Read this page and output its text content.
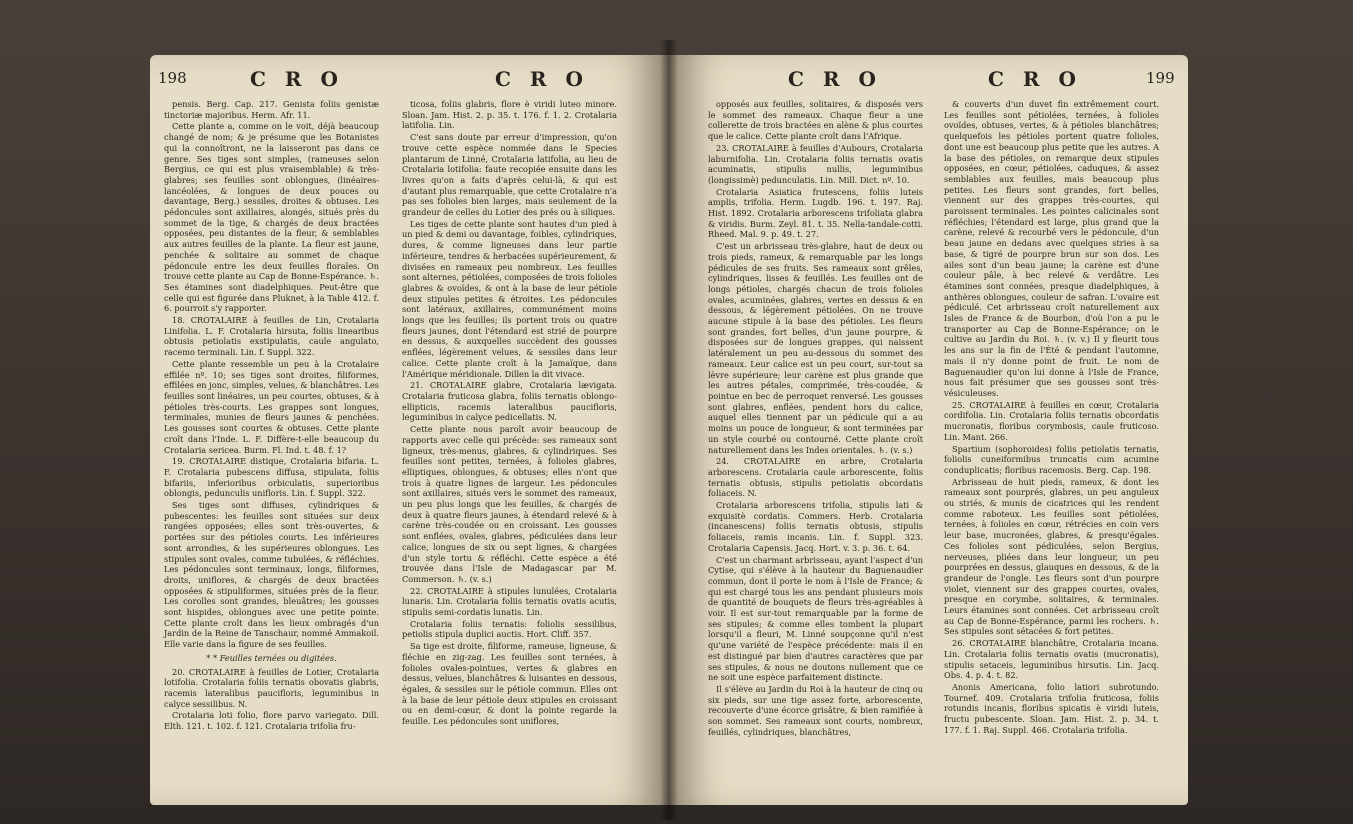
198	C R O	C R O

pensis. Berg. Cap. 217. Genista foliis genistæ tinctoriæ majoribus. Herm. Afr. 11.

Cette plante a, comme on le voit, déjà beaucoup changé de nom; & je présume que les Botanistes qui la connoîtront, ne la laisseront pas dans ce genre. Ses tiges sont simples, (rameuses selon Bergius, ce qui est plus vraisemblable) & très-glabres; ses feuilles sont oblongues, (linéaires-lancéolées, & longues de deux pouces ou davantage, Berg.) sessiles, droites & obtuses. Les pédoncules sont axillaires, alongés, situés près du sommet de la tige, & chargés de deux bractées opposées, peu distantes de la fleur, & semblables aux autres feuilles de la plante. La fleur est jaune, penchée & solitaire au sommet de chaque pédoncule entre les deux feuilles florales. On trouve cette plante au Cap de Bonne-Espérance. ♄. Ses étamines sont diadelphiques. Peut-être que celle qui est figurée dans Pluknet, à la Table 412. f. 6. pourroit s'y rapporter.

18. CROTALAIRE à feuilles de Lin, Crotalaria Linifolia. L. F. Crotalaria hirsuta, foliis linearibus obtusis petiolatis exstipulatis, caule angulato, racemo terminali. Lin. f. Suppl. 322.

Cette plante ressemble un peu à la Crotalaire effilée nº. 10; ses tiges sont droites, filiformes, effilées en jonc, simples, velues, & blanchâtres. Les feuilles sont linéaires, un peu courtes, obtuses, & à pétioles très-courts. Les grappes sont longues, terminales, munies de fleurs jaunes & penchées. Les gousses sont courtes & obtuses. Cette plante croît dans l'Inde. L. F. Diffère-t-elle beaucoup du Crotalaria sericea. Burm. Fl. Ind. t. 48. f. 1?

19. CROTALAIRE distique, Crotalaria bifaria. L. F. Crotalaria pubescens diffusa, stipulata, foliis bifariis, inferioribus orbiculatis, superioribus oblongis, pedunculis unifloris. Lin. f. Suppl. 322.

Ses tiges sont diffuses, cylindriques & pubescentes: les feuilles sont situées sur deux rangées opposées; elles sont très-ouvertes, & portées sur des pétioles courts. Les inférieures sont arrondies, & les supérieures oblongues. Les stipules sont ovales, comme tubulées, & réfléchies. Les pédoncules sont terminaux, longs, filiformes, droits, uniflores, & chargés de deux bractées opposées & stipuliformes, situées près de la fleur. Les corolles sont grandes, bleuâtres; les gousses sont hispides, oblongues avec une petite pointe. Cette plante croît dans les lieux ombragés d'un Jardin de la Reine de Tanschaur, nommé Ammakoil. Elle varie dans la figure de ses feuilles.

* * Feuilles ternées ou digitées.

20. CROTALAIRE à feuilles de Lotier, Crotalaria lotifolia. Crotalaria foliis ternatis obovatis glabris, racemis lateralibus paucifloris, leguminibus in calyce sessilibus. N.

Crotalaria loti folio, flore parvo variegato. Dill. Elth. 121. t. 102. f. 121. Crotalaria trifolia fru-

ticosa, foliis glabris, flore è viridi luteo minore. Sloan. Jam. Hist. 2. p. 35. t. 176. f. 1. 2. Crotalaria latifolia. Lin.

C'est sans doute par erreur d'impression, qu'on trouve cette espèce nommée dans le Species plantarum de Linné, Crotalaria latifolia, au lieu de Crotalaria lotifolia: faute recopiée ensuite dans les livres qu'on a faits d'après celui-là, & qui est d'autant plus remarquable, que cette Crotalaire n'a pas ses folioles bien larges, mais seulement de la grandeur de celles du Lotier des prés ou à siliques.

Les tiges de cette plante sont hautes d'un pied à un pied & demi ou davantage, foibles, cylindriques, dures, & comme ligneuses dans leur partie inférieure, tendres & herbacées supérieurement, & divisées en rameaux peu nombreux. Les feuilles sont alternes, pétiolées, composées de trois folioles glabres & ovoïdes, & ont à la base de leur pétiole deux stipules petites & étroites. Les pédoncules sont latéraux, axillaires, communément moins longs que les feuilles; ils portent trois ou quatre fleurs jaunes, dont l'étendard est strié de pourpre en dessus, & auxquelles succèdent des gousses enflées, légèrement velues, & sessiles dans leur calice. Cette plante croît à la Jamaïque, dans l'Amérique méridionale. Dillen la dit vivace.

21. CROTALAIRE glabre, Crotalaria lævigata. Crotalaria fruticosa glabra, foliis ternatis oblongo-ellipticis, racemis lateralibus paucifloris, leguminibus in calyce pedicellatis. N.

Cette plante nous paroît avoir beaucoup de rapports avec celle qui précède: ses rameaux sont ligneux, très-menus, glabres, & cylindriques. Ses feuilles sont petites, ternées, à folioles glabres, elliptiques, oblongues, & obtuses; elles n'ont que trois à quatre lignes de largeur. Les pédoncules sont axillaires, situés vers le sommet des rameaux, un peu plus longs que les feuilles, & chargés de deux à quatre fleurs jaunes, à étendard relevé & à carène très-coudée ou en croissant. Les gousses sont enflées, ovales, glabres, pédiculées dans leur calice, longues de six ou sept lignes, & chargées d'un style tortu & réfléchi. Cette espèce a été trouvée dans l'Isle de Madagascar par M. Commerson. ♄. (v. s.)

22. CROTALAIRE à stipules lunulées, Crotalaria lunaris. Lin. Crotalaria foliis ternatis ovatis acutis, stipulis semi-cordatis lunatis. Lin.

Crotalaria foliis ternatis: foliolis sessilibus, petiolis stipula duplici auctis. Hort. Cliff. 357.

Sa tige est droite, filiforme, rameuse, ligneuse, & fléchie en zig-zag. Les feuilles sont ternées, à folioles ovales-pointues, vertes & glabres en dessus, velues, blanchâtres & luisantes en dessous, égales, & sessiles sur le pétiole commun. Elles ont à la base de leur pétiole deux stipules en croissant ou en demi-cœur, & dont la pointe regarde la feuille. Les pédoncules sont uniflores,

C R O	C R O	199

opposés aux feuilles, solitaires, & disposés vers le sommet des rameaux. Chaque fleur a une collerette de trois bractées en alène & plus courtes que le calice. Cette plante croît dans l'Afrique.

23. CROTALAIRE à feuilles d'Aubours, Crotalaria laburnifolia. Lin. Crotalaria foliis ternatis ovatis acuminatis, stipulis nullis, leguminibus (longissimè) pedunculatis. Lin. Mill. Dict. nº. 10.

Crotalaria Asiatica frutescens, foliis luteis amplis, trifolia. Herm. Lugdb. 196. t. 197. Raj. Hist. 1892. Crotalaria arborescens trifoliata glabra & viridis. Burm. Zeyl. 81. t. 35. Nella-tandale-cotti. Rheed. Mal. 9. p. 49. t. 27.

C'est un arbrisseau très-glabre, haut de deux ou trois pieds, rameux, & remarquable par les longs pédicules de ses fruits. Ses rameaux sont grêles, cylindriques, lisses & feuillés. Les feuilles ont de longs pétioles, chargés chacun de trois folioles ovales, acuminées, glabres, vertes en dessus & en dessous, & légèrement pétiolées. On ne trouve aucune stipule à la base des pétioles. Les fleurs sont grandes, fort belles, d'un jaune pourpre, & disposées sur de longues grappes, qui naissent latéralement un peu au-dessous du sommet des rameaux. Leur calice est un peu court, sur-tout sa lèvre supérieure; leur carène est plus grande que les autres pétales, comprimée, très-coudée, & pointue en bec de perroquet renversé. Les gousses sont glabres, enflées, pendent hors du calice, auquel elles tiennent par un pédicule qui a au moins un pouce de longueur, & sont terminées par un style courbé ou contourné. Cette plante croît naturellement dans les Indes orientales. ♄. (v. s.)

24. CROTALAIRE en arbre, Crotalaria arborescens. Crotalaria caule arborescente, foliis ternatis obtusis, stipulis petiolatis obcordatis foliaceis. N.

Crotalaria arborescens trifolia, stipulis lati & exquisitè cordatis. Commers. Herb. Crotalaria (incanescens) foliis ternatis obtusis, stipulis foliaceis, ramis incanis. Lin. f. Suppl. 323. Crotalaria Capensis. Jacq. Hort. v. 3. p. 36. t. 64.

C'est un charmant arbrisseau, ayant l'aspect d'un Cytise, qui s'élève à la hauteur du Baguenaudier commun, dont il porte le nom à l'Isle de France; & qui est chargé tous les ans pendant plusieurs mois de quantité de bouquets de fleurs très-agréables à voir. Il est sur-tout remarquable par la forme de ses stipules; & comme elles tombent la plupart lorsqu'il a fleuri, M. Linné soupçonne qu'il n'est qu'une variété de l'espèce précédente: mais il en est distingué par bien d'autres caractères que par ses stipules, & nous ne doutons nullement que ce ne soit une espèce parfaitement distincte.

Il s'élève au Jardin du Roi à la hauteur de cinq ou six pieds, sur une tige assez forte, arborescente, recouverte d'une écorce grisâtre, & bien ramifiée à son sommet. Ses rameaux sont courts, nombreux, feuillés, cylindriques, blanchâtres,

& couverts d'un duvet fin extrêmement court. Les feuilles sont pétiolées, ternées, à folioles ovoïdes, obtuses, vertes, & à pétioles blanchâtres; quelquefois les pétioles portent quatre folioles, dont une est beaucoup plus petite que les autres. A la base des pétioles, on remarque deux stipules opposées, en cœur, pétiolées, caduques, & assez semblables aux feuilles, mais beaucoup plus petites. Les fleurs sont grandes, fort belles, viennent sur des grappes très-courtes, qui paroissent terminales. Les pointes calicinales sont réfléchies; l'étendard est large, plus grand que la carène, relevé & recourbé vers le pédoncule, d'un beau jaune en dedans avec quelques stries à sa base, & tigré de pourpre brun sur son dos. Les ailes sont d'un beau jaune; la carène est d'une couleur pâle, à bec relevé & verdâtre. Les étamines sont connées, presque diadelphiques, à anthères oblongues, couleur de safran. L'ovaire est pédiculé. Cet arbrisseau croît naturellement aux Isles de France & de Bourbon, d'où l'on a pu le transporter au Cap de Bonne-Espérance; on le cultive au Jardin du Roi. ♄. (v. v.) Il y fleurit tous les ans sur la fin de l'Été & pendant l'automne, mais il n'y donne point de fruit. Le nom de Baguenaudier qu'on lui donne à l'Isle de France, nous fait présumer que ses gousses sont très-vésiculeuses.

25. CROTALAIRE à feuilles en cœur, Crotalaria cordifolia. Lin. Crotalaria foliis ternatis obcordatis mucronatis, floribus corymbosis, caule fruticoso. Lin. Mant. 266.

Spartium (sophoroides) foliis petiolatis ternatis, foliolis cuneiformibus truncatis cum acumine conduplicatis; floribus racemosis. Berg. Cap. 198.

Arbrisseau de huit pieds, rameux, & dont les rameaux sont pourprés, glabres, un peu anguleux ou striés, & munis de cicatrices qui les rendent comme raboteux. Les feuilles sont pétiolées, ternées, à folioles en cœur, rétrécies en coin vers leur base, mucronées, glabres, & presqu'égales. Ces folioles sont pédiculées, selon Bergius, nerveuses, pliées dans leur longueur, un peu pourprées en dessus, glauques en dessous, & de la grandeur de l'ongle. Les fleurs sont d'un pourpre violet, viennent sur des grappes courtes, ovales, presque en corymbe, solitaires, & terminales. Leurs étamines sont connées. Cet arbrisseau croît au Cap de Bonne-Espérance, parmi les rochers. ♄. Ses stipules sont sétacées & fort petites.

26. CROTALAIRE blanchâtre, Crotalaria incana. Lin. Crotalaria foliis ternatis ovatis (mucronatis), stipulis setaceis, leguminibus hirsutis. Lin. Jacq. Obs. 4. p. 4. t. 82.

Anonis Americana, folio latiori subrotundo. Tournef. 409. Crotalaria trifolia fruticosa, foliis rotundis incanis, floribus spicatis è viridi luteis, fructu pubescente. Sloan. Jam. Hist. 2. p. 34. t. 177. f. 1. Raj. Suppl. 466. Crotalaria trifolia.
